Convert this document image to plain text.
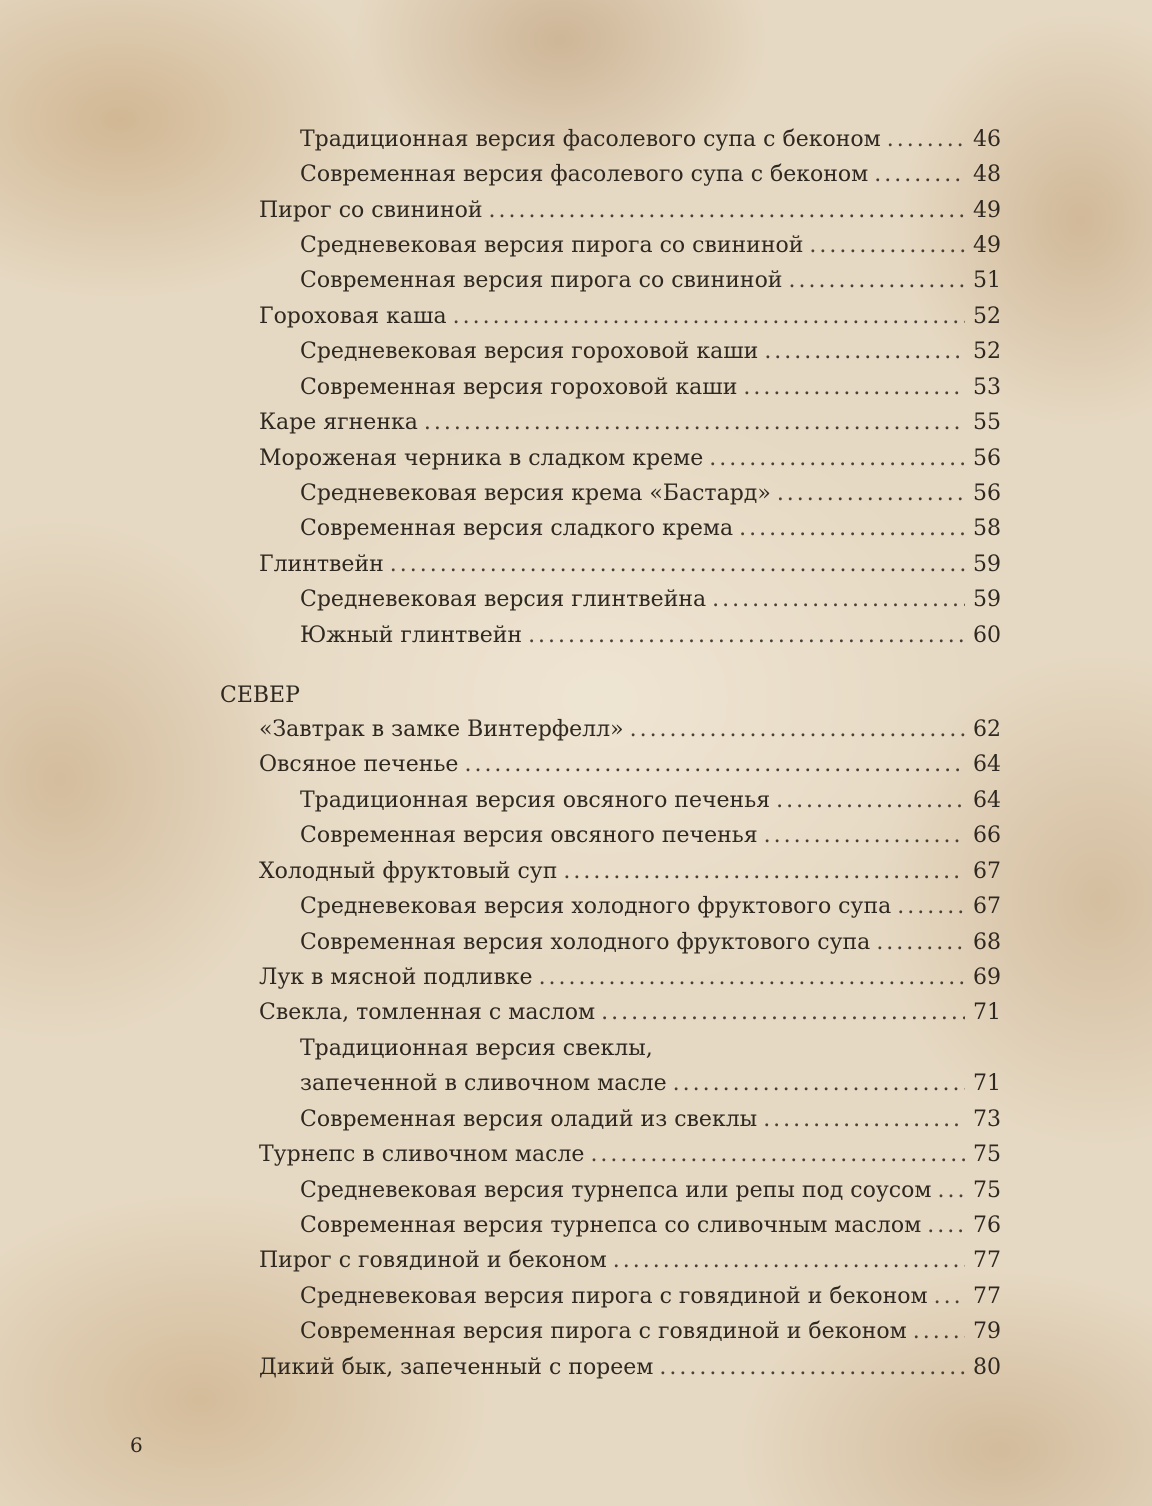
Традиционная версия фасолевого супа с беконом .....	46
Современная версия фасолевого супа с беконом .....	48
Пирог со свининой .....	49
Средневековая версия пирога со свининой .....	49
Современная версия пирога со свининой .....	51
Гороховая каша .....	52
Средневековая версия гороховой каши .....	52
Современная версия гороховой каши .....	53
Каре ягненка .....	55
Мороженая черника в сладком креме .....	56
Средневековая версия крема «Бастард» .....	56
Современная версия сладкого крема .....	58
Глинтвейн .....	59
Средневековая версия глинтвейна .....	59
Южный глинтвейн .....	60
СЕВЕР
«Завтрак в замке Винтерфелл» .....	62
Овсяное печенье .....	64
Традиционная версия овсяного печенья .....	64
Современная версия овсяного печенья .....	66
Холодный фруктовый суп .....	67
Средневековая версия холодного фруктового супа .....	67
Современная версия холодного фруктового супа .....	68
Лук в мясной подливке .....	69
Свекла, томленная с маслом .....	71
Традиционная версия свеклы,
запеченной в сливочном масле .....	71
Современная версия оладий из свеклы .....	73
Турнепс в сливочном масле .....	75
Средневековая версия турнепса или репы под соусом ..... 75
Современная версия турнепса со сливочным маслом ..... 76
Пирог с говядиной и беконом .....	77
Средневековая версия пирога с говядиной и беконом ..... 77
Современная версия пирога с говядиной и беконом .....	79
Дикий бык, запеченный с пореем .....	80
6
